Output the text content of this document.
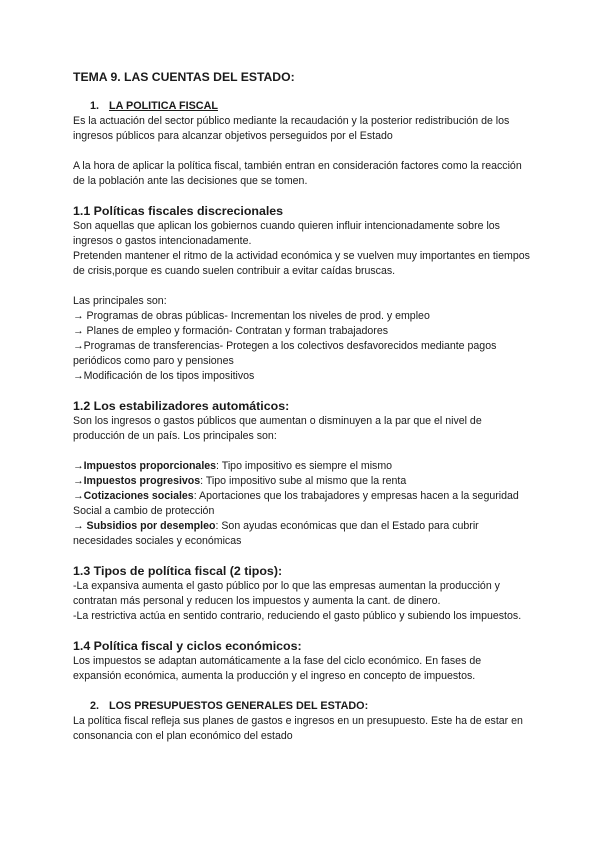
TEMA 9. LAS CUENTAS DEL ESTADO:
1. LA POLITICA FISCAL

Es la actuación del sector público mediante la recaudación y la posterior redistribución de los ingresos públicos para alcanzar objetivos perseguidos por el Estado

A la hora de aplicar la política fiscal, también entran en consideración factores como la reacción de la población ante las decisiones que se tomen.

1.1 Políticas fiscales discrecionales

Son aquellas que aplican los gobiernos cuando quieren influir intencionadamente sobre los ingresos o gastos intencionadamente.

Pretenden mantener el ritmo de la actividad económica y se vuelven muy importantes en tiempos de crisis,porque es cuando suelen contribuir a evitar caídas bruscas.

Las principales son:

→ Programas de obras públicas- Incrementan los niveles de prod. y empleo

→ Planes de empleo y formación- Contratan y forman trabajadores

→Programas de transferencias- Protegen a los colectivos desfavorecidos mediante pagos periódicos como paro y pensiones

→Modificación de los tipos impositivos

1.2 Los estabilizadores automáticos:

Son los ingresos o gastos públicos que aumentan o disminuyen a la par que el nivel de producción de un país. Los principales son:

→Impuestos proporcionales: Tipo impositivo es siempre el mismo

→Impuestos progresivos: Tipo impositivo sube al mismo que la renta

→Cotizaciones sociales: Aportaciones que los trabajadores y empresas hacen a la seguridad Social a cambio de protección

→ Subsidios por desempleo: Son ayudas económicas que dan el Estado para cubrir necesidades sociales y económicas

1.3 Tipos de política fiscal (2 tipos):

-La expansiva aumenta el gasto público por lo que las empresas aumentan la producción y contratan más personal y reducen los impuestos y aumenta la cant. de dinero.

-La restrictiva actúa en sentido contrario, reduciendo el gasto público y subiendo los impuestos.

1.4 Política fiscal y ciclos económicos:

Los impuestos se adaptan automáticamente a la fase del ciclo económico. En fases de expansión económica, aumenta la producción y el ingreso en concepto de impuestos.

2. LOS PRESUPUESTOS GENERALES DEL ESTADO:

La política fiscal refleja sus planes de gastos e ingresos en un presupuesto. Este ha de estar en consonancia con el plan económico del estado
